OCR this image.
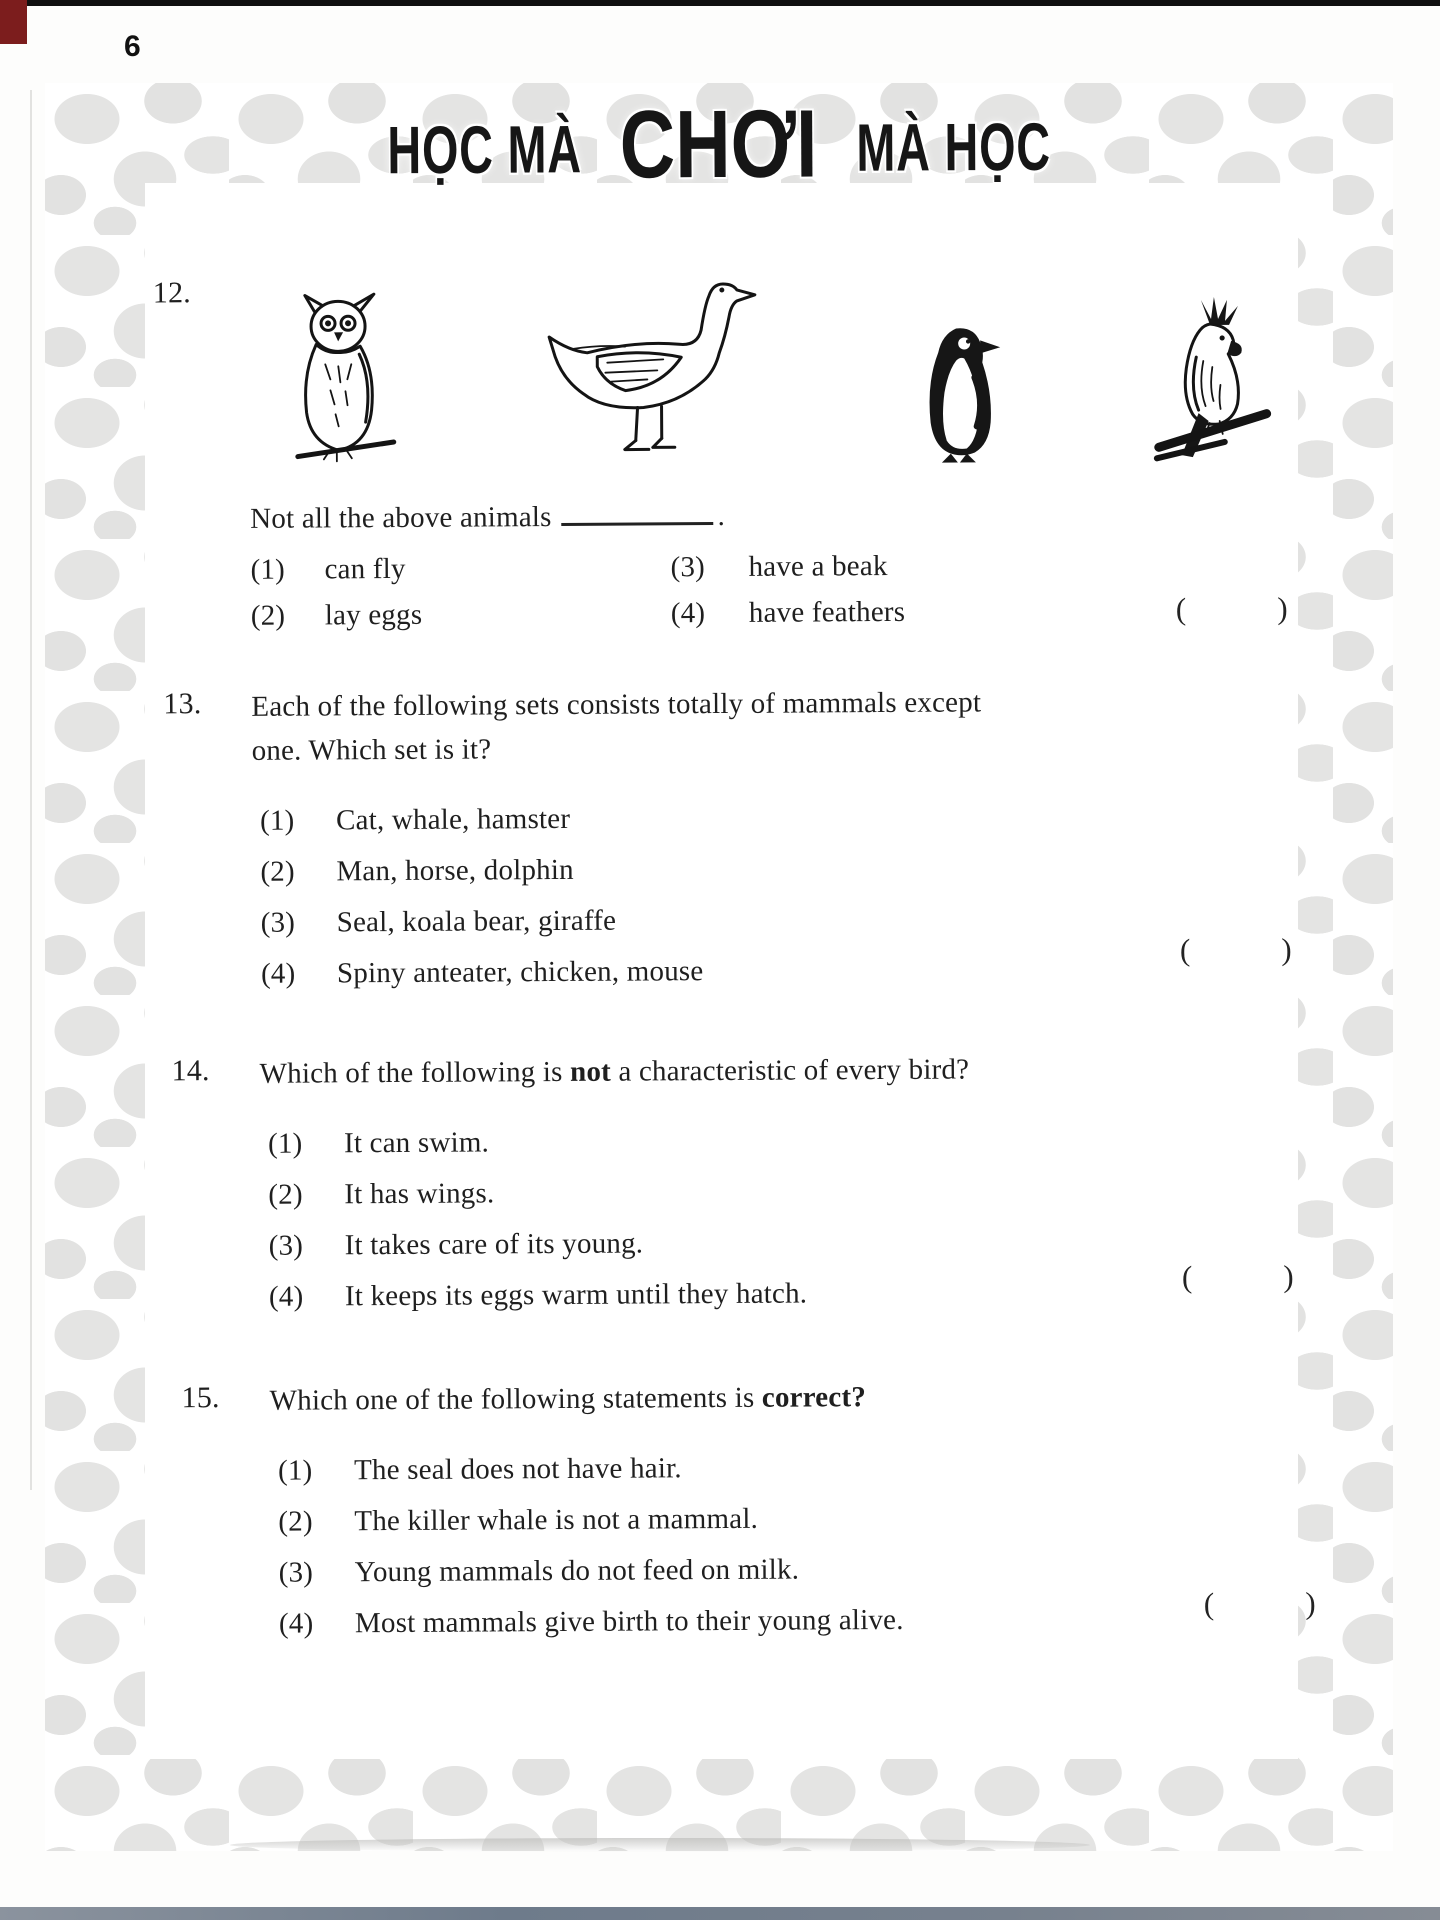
6
HỌC MÀ CHƠI MÀ HỌC
12.
Not all the above animals	.
(1)	can fly	(3)	have a beak
(2)	lay eggs	(4)	have feathers	(	)
13.	Each of the following sets consists totally of mammals except
one. Which set is it?
(1)	Cat, whale, hamster
(2)	Man, horse, dolphin
(3)	Seal, koala bear, giraffe
(4)	Spiny anteater, chicken, mouse
(	)
14.	Which of the following is not a characteristic of every bird?
(1)	It can swim.
(2)	It has wings.
(3)	It takes care of its young.
(4)	It keeps its eggs warm until they hatch.
(	)
15.	Which one of the following statements is correct?
(1)	The seal does not have hair.
(2)	The killer whale is not a mammal.
(3)	Young mammals do not feed on milk.
(4)	Most mammals give birth to their young alive.
(	)
